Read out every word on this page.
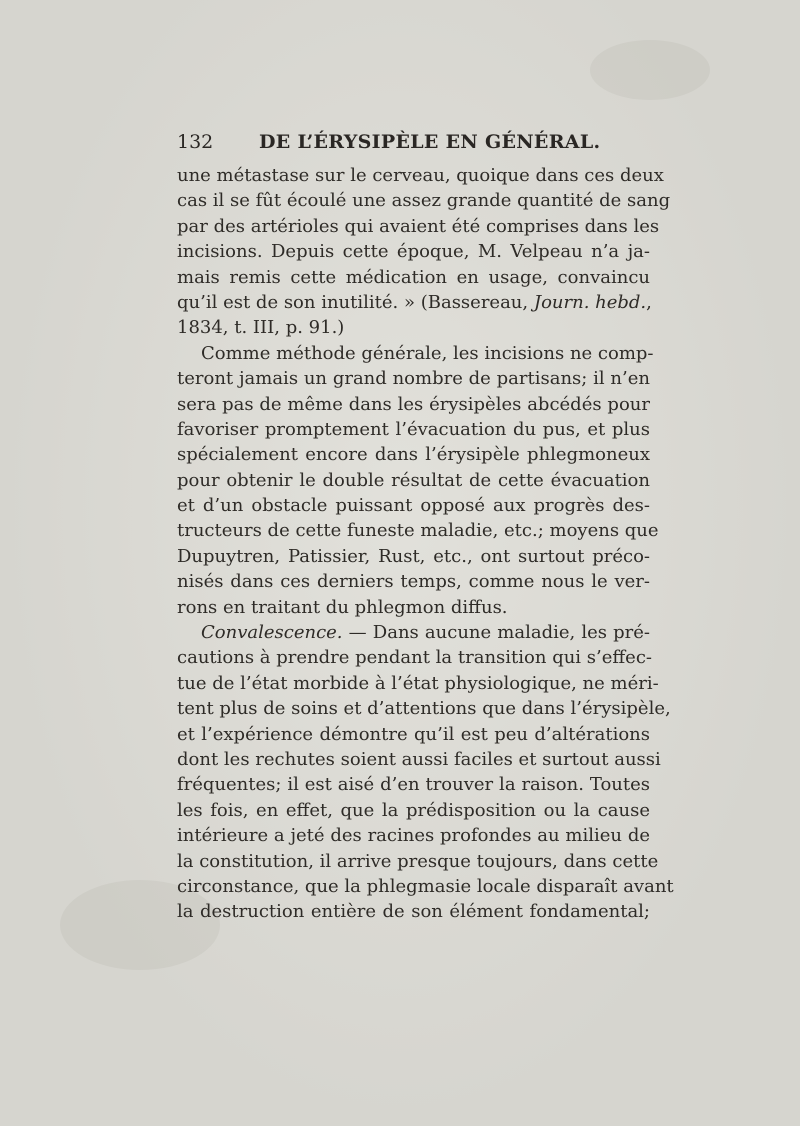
132 DE L’ÉRYSIPÈLE EN GÉNÉRAL.
une métastase sur le cerveau, quoique dans ces deux
cas il se fût écoulé une assez grande quantité de sang
par des artérioles qui avaient été comprises dans les
incisions. Depuis cette époque, M. Velpeau n’a ja-
mais remis cette médication en usage, convaincu
qu’il est de son inutilité. » (Bassereau, Journ. hebd.,
1834, t. III, p. 91.)
Comme méthode générale, les incisions ne comp-
teront jamais un grand nombre de partisans; il n’en
sera pas de même dans les érysipèles abcédés pour
favoriser promptement l’évacuation du pus, et plus
spécialement encore dans l’érysipèle phlegmoneux
pour obtenir le double résultat de cette évacuation
et d’un obstacle puissant opposé aux progrès des-
tructeurs de cette funeste maladie, etc.; moyens que
Dupuytren, Patissier, Rust, etc., ont surtout préco-
nisés dans ces derniers temps, comme nous le ver-
rons en traitant du phlegmon diffus.
Convalescence. — Dans aucune maladie, les pré-
cautions à prendre pendant la transition qui s’effec-
tue de l’état morbide à l’état physiologique, ne méri-
tent plus de soins et d’attentions que dans l’érysipèle,
et l’expérience démontre qu’il est peu d’altérations
dont les rechutes soient aussi faciles et surtout aussi
fréquentes; il est aisé d’en trouver la raison. Toutes
les fois, en effet, que la prédisposition ou la cause
intérieure a jeté des racines profondes au milieu de
la constitution, il arrive presque toujours, dans cette
circonstance, que la phlegmasie locale disparaît avant
la destruction entière de son élément fondamental;
